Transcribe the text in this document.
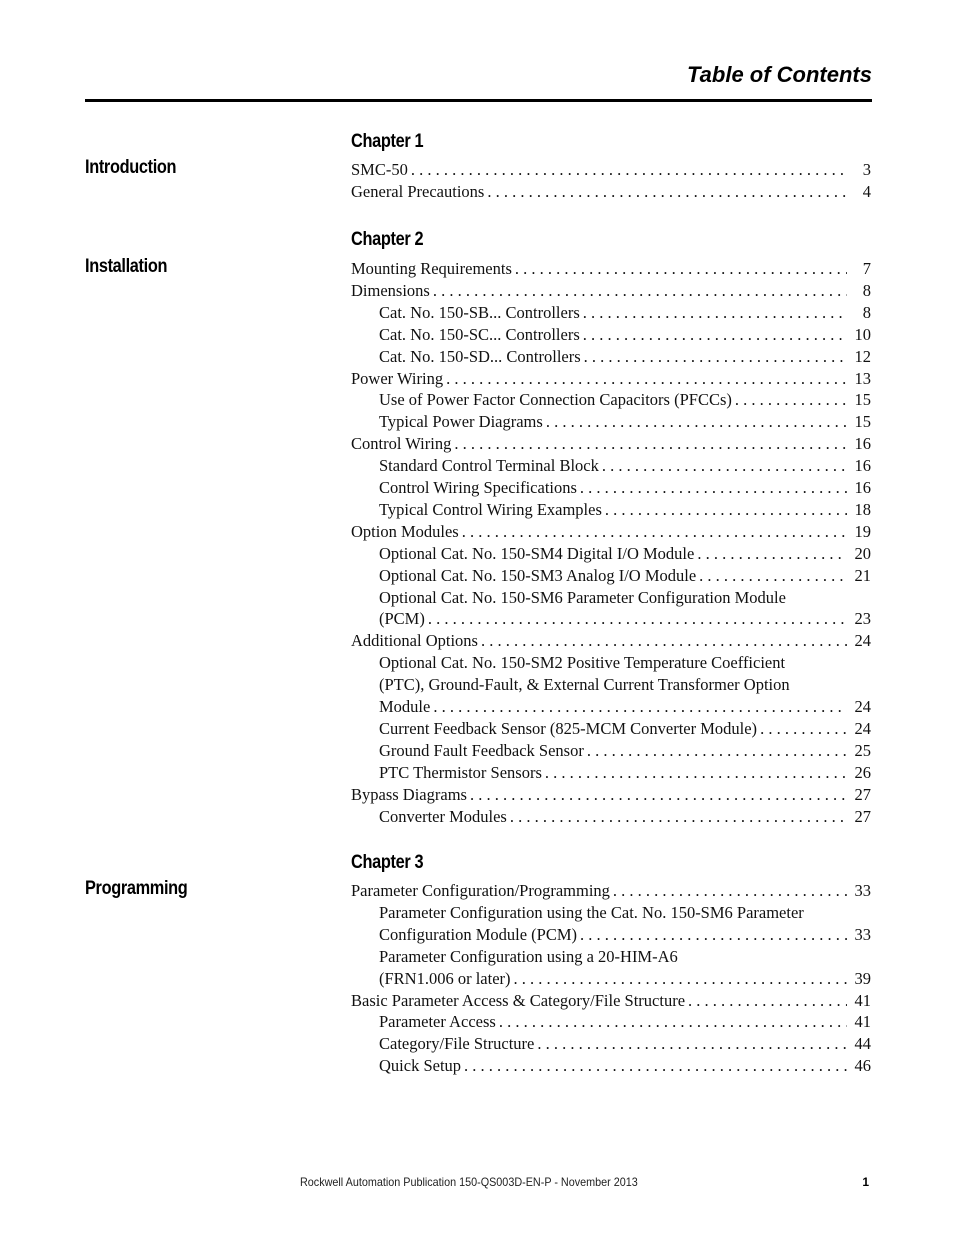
Table of Contents
Chapter 1
Introduction	SMC-50 . . .	3
General Precautions . . .	4
Chapter 2
Installation	Mounting Requirements . . .	7
Dimensions . . .	8
Cat. No. 150-SB... Controllers . . .	8
Cat. No. 150-SC... Controllers . . .	10
Cat. No. 150-SD... Controllers . . .	12
Power Wiring . . .	13
Use of Power Factor Connection Capacitors (PFCCs) . . .	15
Typical Power Diagrams . . .	15
Control Wiring . . .	16
Standard Control Terminal Block . . .	16
Control Wiring Specifications . . .	16
Typical Control Wiring Examples . . .	18
Option Modules . . .	19
Optional Cat. No. 150-SM4 Digital I/O Module . . .	20
Optional Cat. No. 150-SM3 Analog I/O Module . . .	21
Optional Cat. No. 150-SM6 Parameter Configuration Module
(PCM) . . .	23
Additional Options . . .	24
Optional Cat. No. 150-SM2 Positive Temperature Coefficient
(PTC), Ground-Fault, & External Current Transformer Option
Module . . .	24
Current Feedback Sensor (825-MCM Converter Module) . . .	24
Ground Fault Feedback Sensor . . .	25
PTC Thermistor Sensors . . .	26
Bypass Diagrams . . .	27
Converter Modules . . .	27
Chapter 3
Programming	Parameter Configuration/Programming . . .	33
Parameter Configuration using the Cat. No. 150-SM6 Parameter
Configuration Module (PCM) . . .	33
Parameter Configuration using a 20-HIM-A6
(FRN1.006 or later) . . .	39
Basic Parameter Access & Category/File Structure . . .	41
Parameter Access . . .	41
Category/File Structure . . .	44
Quick Setup . . .	46
Rockwell Automation Publication 150-QS003D-EN-P - November 2013	1
